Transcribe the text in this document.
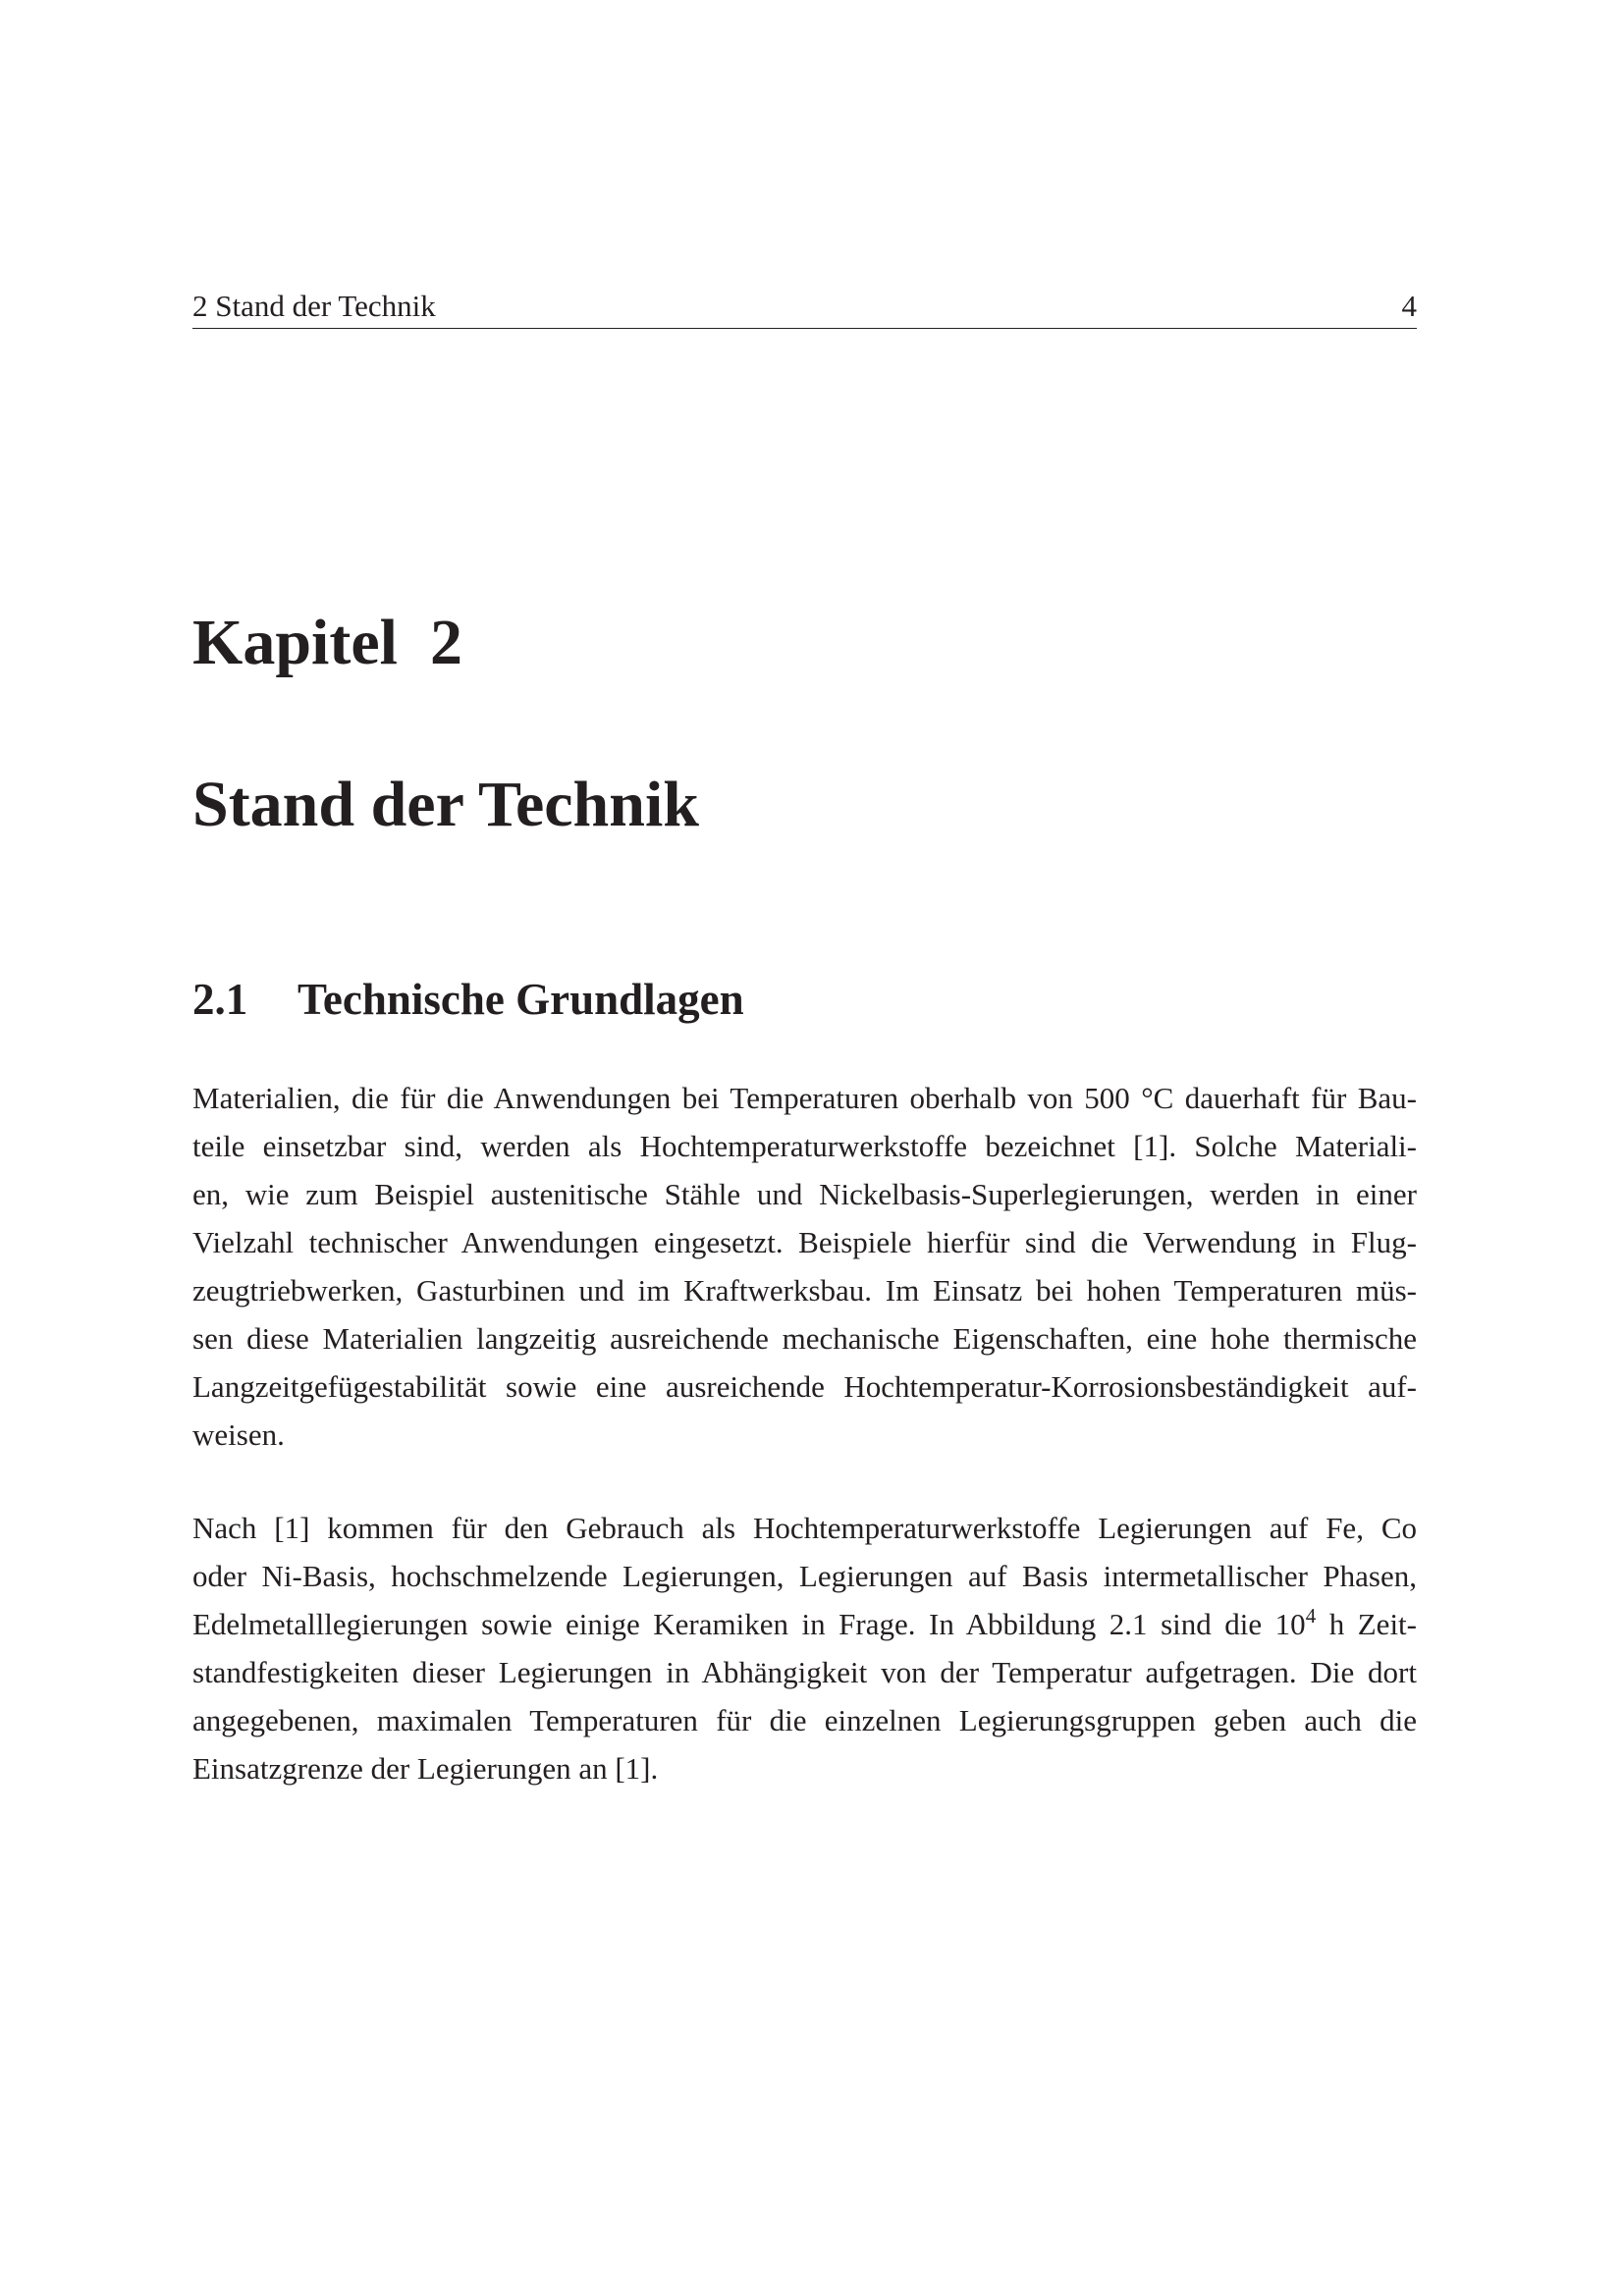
2 Stand der Technik	4
Kapitel  2
Stand der Technik
2.1 Technische Grundlagen

Materialien, die für die Anwendungen bei Temperaturen oberhalb von 500 °C dauerhaft für Bau-
teile einsetzbar sind, werden als Hochtemperaturwerkstoffe bezeichnet [1]. Solche Materiali-
en, wie zum Beispiel austenitische Stähle und Nickelbasis-Superlegierungen, werden in einer
Vielzahl technischer Anwendungen eingesetzt. Beispiele hierfür sind die Verwendung in Flug-
zeugtriebwerken, Gasturbinen und im Kraftwerksbau. Im Einsatz bei hohen Temperaturen müs-
sen diese Materialien langzeitig ausreichende mechanische Eigenschaften, eine hohe thermische
Langzeitgefügestabilität sowie eine ausreichende Hochtemperatur-Korrosionsbeständigkeit auf-
weisen.

Nach [1] kommen für den Gebrauch als Hochtemperaturwerkstoffe Legierungen auf Fe, Co
oder Ni-Basis, hochschmelzende Legierungen, Legierungen auf Basis intermetallischer Phasen,
Edelmetalllegierungen sowie einige Keramiken in Frage. In Abbildung 2.1 sind die $10^4$ h Zeit-
standfestigkeiten dieser Legierungen in Abhängigkeit von der Temperatur aufgetragen. Die dort
angegebenen, maximalen Temperaturen für die einzelnen Legierungsgruppen geben auch die
Einsatzgrenze der Legierungen an [1].
